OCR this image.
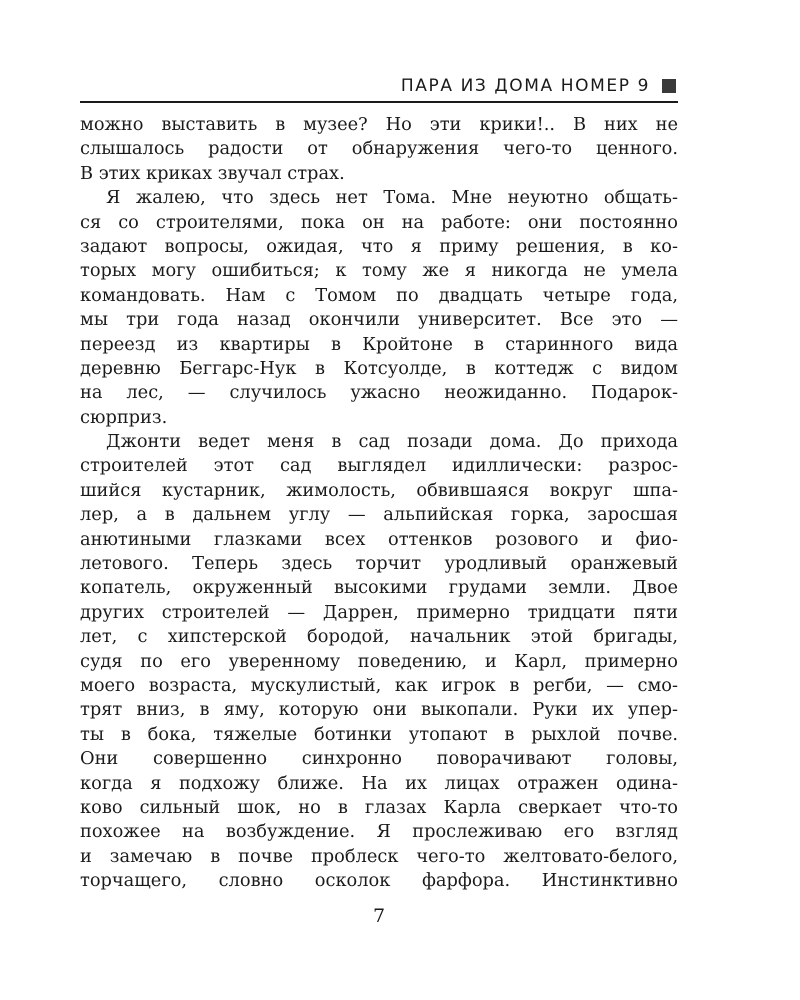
ПАРА ИЗ ДОМА НОМЕР 9
можно выставить в музее? Но эти крики!.. В них не
слышалось радости от обнаружения чего-то ценного.
В этих криках звучал страх.
Я жалею, что здесь нет Тома. Мне неуютно общать-
ся со строителями, пока он на работе: они постоянно
задают вопросы, ожидая, что я приму решения, в ко-
торых могу ошибиться; к тому же я никогда не умела
командовать. Нам с Томом по двадцать четыре года,
мы три года назад окончили университет. Все это —
переезд из квартиры в Кройтоне в старинного вида
деревню Беггарс-Нук в Котсуолде, в коттедж с видом
на лес, — случилось ужасно неожиданно. Подарок-
сюрприз.
Джонти ведет меня в сад позади дома. До прихода
строителей этот сад выглядел идиллически: разрос-
шийся кустарник, жимолость, обвившаяся вокруг шпа-
лер, а в дальнем углу — альпийская горка, заросшая
анютиными глазками всех оттенков розового и фио-
летового. Теперь здесь торчит уродливый оранжевый
копатель, окруженный высокими грудами земли. Двое
других строителей — Даррен, примерно тридцати пяти
лет, с хипстерской бородой, начальник этой бригады,
судя по его уверенному поведению, и Карл, примерно
моего возраста, мускулистый, как игрок в регби, — смо-
трят вниз, в яму, которую они выкопали. Руки их упер-
ты в бока, тяжелые ботинки утопают в рыхлой почве.
Они совершенно синхронно поворачивают головы,
когда я подхожу ближе. На их лицах отражен одина-
ково сильный шок, но в глазах Карла сверкает что-то
похожее на возбуждение. Я прослеживаю его взгляд
и замечаю в почве проблеск чего-то желтовато-белого,
торчащего, словно осколок фарфора. Инстинктивно
7
